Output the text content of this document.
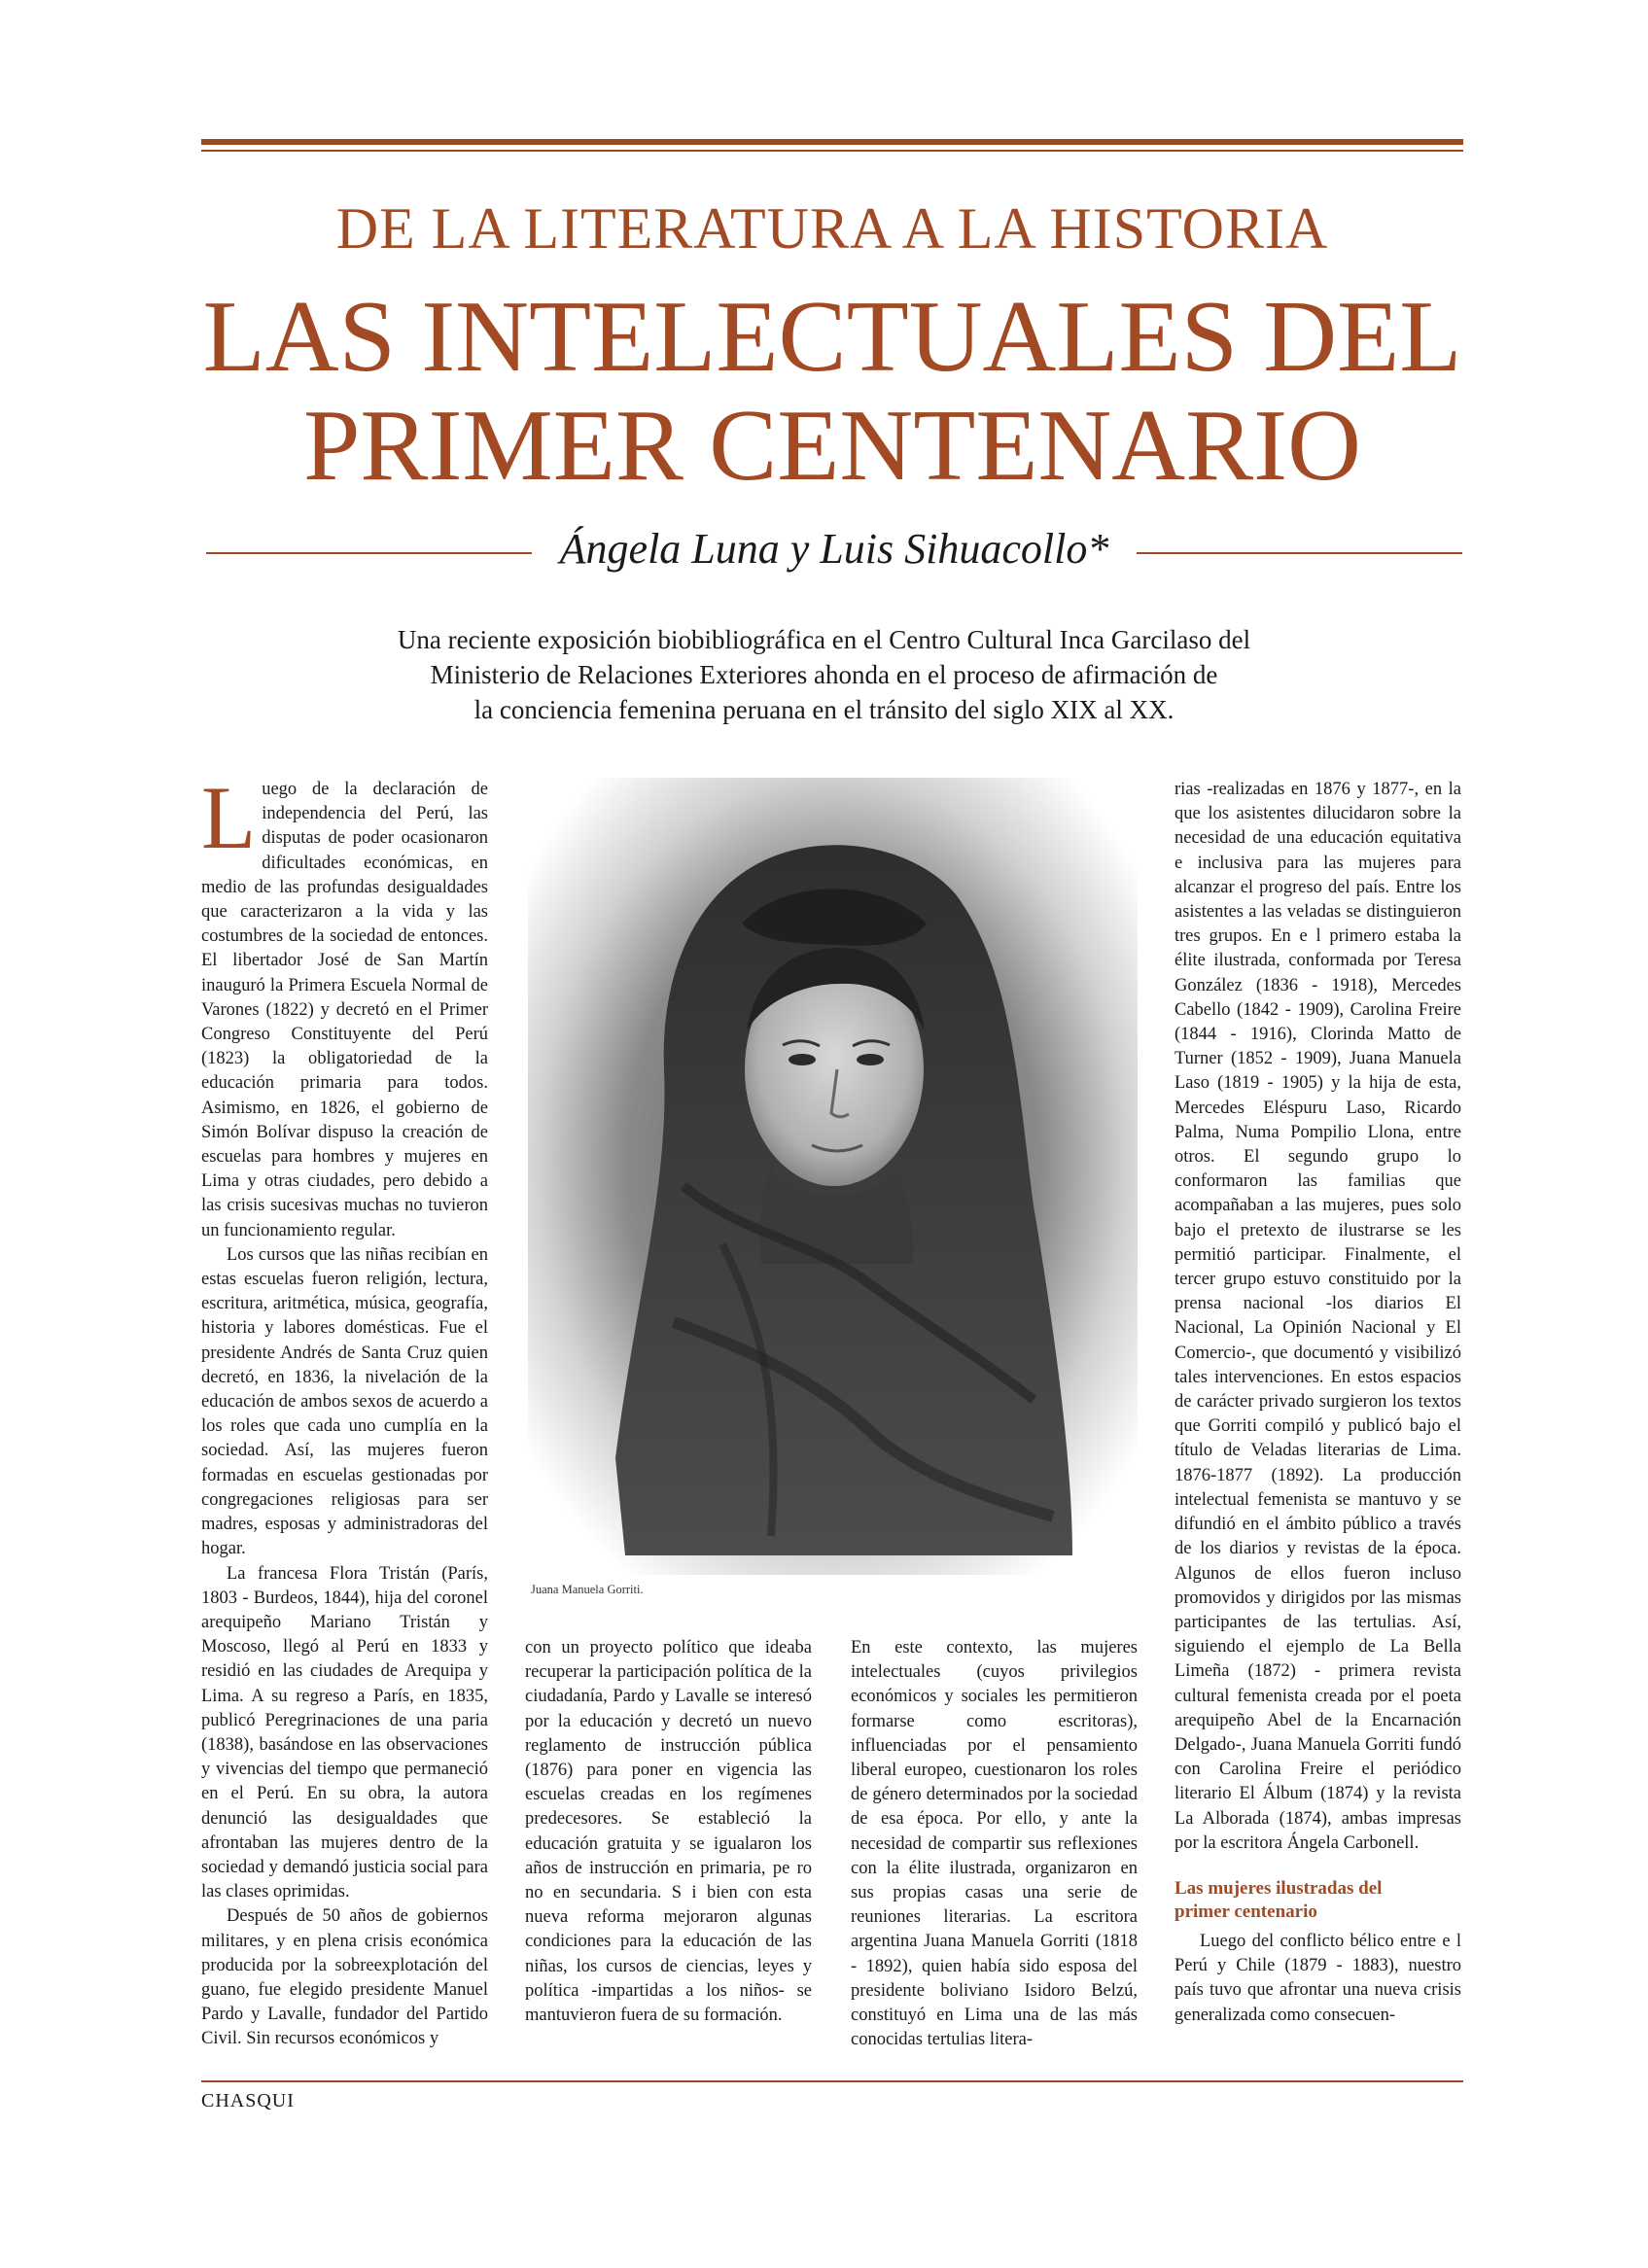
DE LA LITERATURA A LA HISTORIA
LAS INTELECTUALES DEL
PRIMER CENTENARIO
Ángela Luna y Luis Sihuacollo*
Una reciente exposición biobibliográfica en el Centro Cultural Inca Garcilaso del
Ministerio de Relaciones Exteriores ahonda en el proceso de afirmación de
la conciencia femenina peruana en el tránsito del siglo XIX al XX.

Luego de la declaración de independencia del Perú, las disputas de poder ocasionaron dificultades económicas, en medio de las profundas desigualdades que caracterizaron a la vida y las costumbres de la sociedad de entonces. El libertador José de San Martín inauguró la Primera Escuela Normal de Varones (1822) y decretó en el Primer Congreso Constituyente del Perú (1823) la obligatoriedad de la educación primaria para todos. Asimismo, en 1826, el gobierno de Simón Bolívar dispuso la creación de escuelas para hombres y mujeres en Lima y otras ciudades, pero debido a las crisis sucesivas muchas no tuvieron un funcionamiento regular.

Los cursos que las niñas recibían en estas escuelas fueron religión, lectura, escritura, aritmética, música, geografía, historia y labores domésticas. Fue el presidente Andrés de Santa Cruz quien decretó, en 1836, la nivelación de la educación de ambos sexos de acuerdo a los roles que cada uno cumplía en la sociedad. Así, las mujeres fueron formadas en escuelas gestionadas por congregaciones religiosas para ser madres, esposas y administradoras del hogar.

La francesa Flora Tristán (París, 1803 - Burdeos, 1844), hija del coronel arequipeño Mariano Tristán y Moscoso, llegó al Perú en 1833 y residió en las ciudades de Arequipa y Lima. A su regreso a París, en 1835, publicó Peregrinaciones de una paria (1838), basándose en las observaciones y vivencias del tiempo que permaneció en el Perú. En su obra, la autora denunció las desigualdades que afrontaban las mujeres dentro de la sociedad y demandó justicia social para las clases oprimidas.

Después de 50 años de gobiernos militares, y en plena crisis económica producida por la sobreexplotación del guano, fue elegido presidente Manuel Pardo y Lavalle, fundador del Partido Civil. Sin recursos económicos y

Juana Manuela Gorriti.

con un proyecto político que ideaba recuperar la participación política de la ciudadanía, Pardo y Lavalle se interesó por la educación y decretó un nuevo reglamento de instrucción pública (1876) para poner en vigencia las escuelas creadas en los regímenes predecesores. Se estableció la educación gratuita y se igualaron los años de instrucción en primaria, pe ro no en secundaria. S i bien con esta nueva reforma mejoraron algunas condiciones para la educación de las niñas, los cursos de ciencias, leyes y política -impartidas a los niños- se mantuvieron fuera de su formación.

En este contexto, las mujeres intelectuales (cuyos privilegios económicos y sociales les permitieron formarse como escritoras), influenciadas por el pensamiento liberal europeo, cuestionaron los roles de género determinados por la sociedad de esa época. Por ello, y ante la necesidad de compartir sus reflexiones con la élite ilustrada, organizaron en sus propias casas una serie de reuniones literarias. La escritora argentina Juana Manuela Gorriti (1818 - 1892), quien había sido esposa del presidente boliviano Isidoro Belzú, constituyó en Lima una de las más conocidas tertulias litera-

rias -realizadas en 1876 y 1877-, en la que los asistentes dilucidaron sobre la necesidad de una educación equitativa e inclusiva para las mujeres para alcanzar el progreso del país. Entre los asistentes a las veladas se distinguieron tres grupos. En e l primero estaba la élite ilustrada, conformada por Teresa González (1836 - 1918), Mercedes Cabello (1842 - 1909), Carolina Freire (1844 - 1916), Clorinda Matto de Turner (1852 - 1909), Juana Manuela Laso (1819 - 1905) y la hija de esta, Mercedes Eléspuru Laso, Ricardo Palma, Numa Pompilio Llona, entre otros. El segundo grupo lo conformaron las familias que acompañaban a las mujeres, pues solo bajo el pretexto de ilustrarse se les permitió participar. Finalmente, el tercer grupo estuvo constituido por la prensa nacional -los diarios El Nacional, La Opinión Nacional y El Comercio-, que documentó y visibilizó tales intervenciones. En estos espacios de carácter privado surgieron los textos que Gorriti compiló y publicó bajo el título de Veladas literarias de Lima. 1876-1877 (1892). La producción intelectual femenista se mantuvo y se difundió en el ámbito público a través de los diarios y revistas de la época. Algunos de ellos fueron incluso promovidos y dirigidos por las mismas participantes de las tertulias. Así, siguiendo el ejemplo de La Bella Limeña (1872) - primera revista cultural femenista creada por el poeta arequipeño Abel de la Encarnación Delgado-, Juana Manuela Gorriti fundó con Carolina Freire el periódico literario El Álbum (1874) y la revista La Alborada (1874), ambas impresas por la escritora Ángela Carbonell.

Las mujeres ilustradas del
primer centenario

Luego del conflicto bélico entre e l Perú y Chile (1879 - 1883), nuestro país tuvo que afrontar una nueva crisis generalizada como consecuen-

CHASQUI
